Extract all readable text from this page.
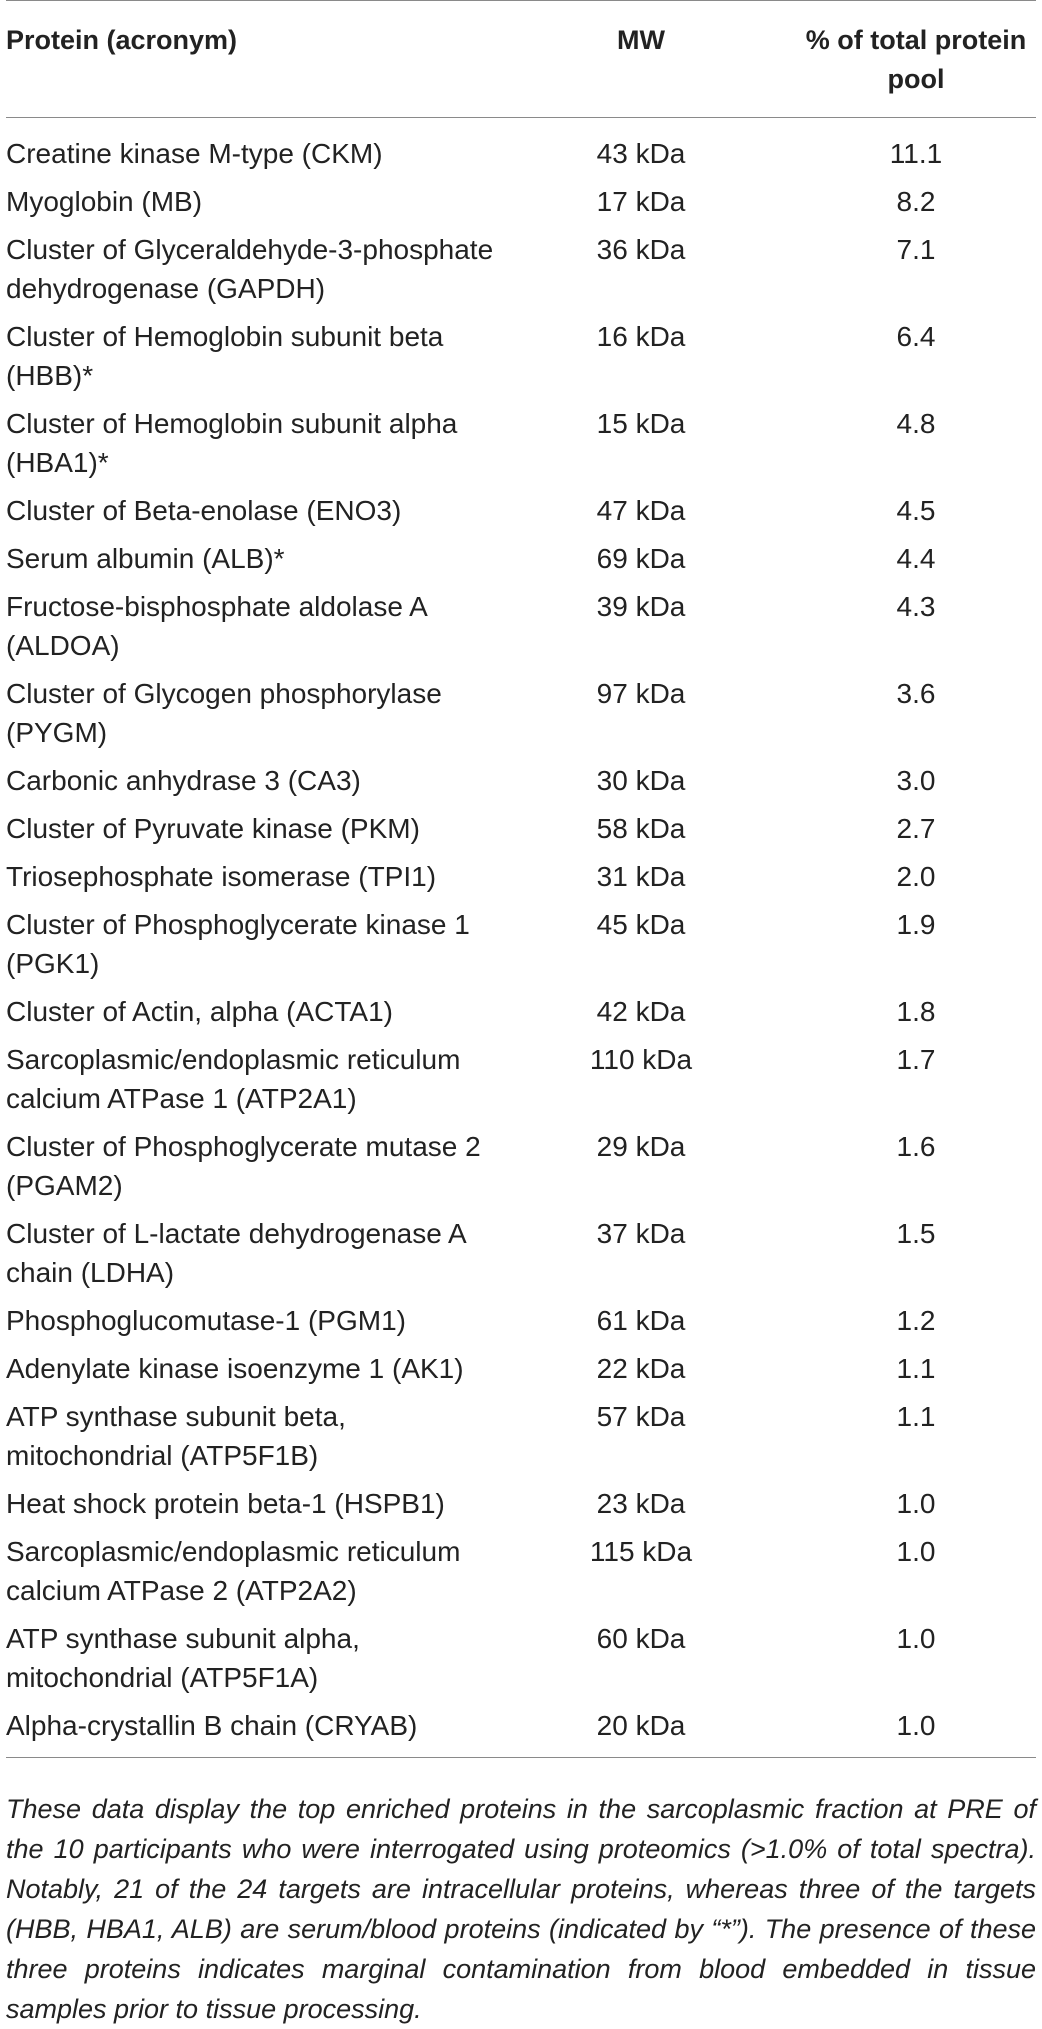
Protein (acronym)	MW	% of total protein pool
Creatine kinase M-type (CKM)	43 kDa	11.1
Myoglobin (MB)	17 kDa	8.2
Cluster of Glyceraldehyde-3-phosphate dehydrogenase (GAPDH)	36 kDa	7.1
Cluster of Hemoglobin subunit beta (HBB)*	16 kDa	6.4
Cluster of Hemoglobin subunit alpha (HBA1)*	15 kDa	4.8
Cluster of Beta-enolase (ENO3)	47 kDa	4.5
Serum albumin (ALB)*	69 kDa	4.4
Fructose-bisphosphate aldolase A (ALDOA)	39 kDa	4.3
Cluster of Glycogen phosphorylase (PYGM)	97 kDa	3.6
Carbonic anhydrase 3 (CA3)	30 kDa	3.0
Cluster of Pyruvate kinase (PKM)	58 kDa	2.7
Triosephosphate isomerase (TPI1)	31 kDa	2.0
Cluster of Phosphoglycerate kinase 1 (PGK1)	45 kDa	1.9
Cluster of Actin, alpha (ACTA1)	42 kDa	1.8
Sarcoplasmic/endoplasmic reticulum calcium ATPase 1 (ATP2A1)	110 kDa	1.7
Cluster of Phosphoglycerate mutase 2 (PGAM2)	29 kDa	1.6
Cluster of L-lactate dehydrogenase A chain (LDHA)	37 kDa	1.5
Phosphoglucomutase-1 (PGM1)	61 kDa	1.2
Adenylate kinase isoenzyme 1 (AK1)	22 kDa	1.1
ATP synthase subunit beta, mitochondrial (ATP5F1B)	57 kDa	1.1
Heat shock protein beta-1 (HSPB1)	23 kDa	1.0
Sarcoplasmic/endoplasmic reticulum calcium ATPase 2 (ATP2A2)	115 kDa	1.0
ATP synthase subunit alpha, mitochondrial (ATP5F1A)	60 kDa	1.0
Alpha-crystallin B chain (CRYAB)	20 kDa	1.0

These data display the top enriched proteins in the sarcoplasmic fraction at PRE of the 10 participants who were interrogated using proteomics (>1.0% of total spectra). Notably, 21 of the 24 targets are intracellular proteins, whereas three of the targets (HBB, HBA1, ALB) are serum/blood proteins (indicated by “*”). The presence of these three proteins indicates marginal contamination from blood embedded in tissue samples prior to tissue processing.
